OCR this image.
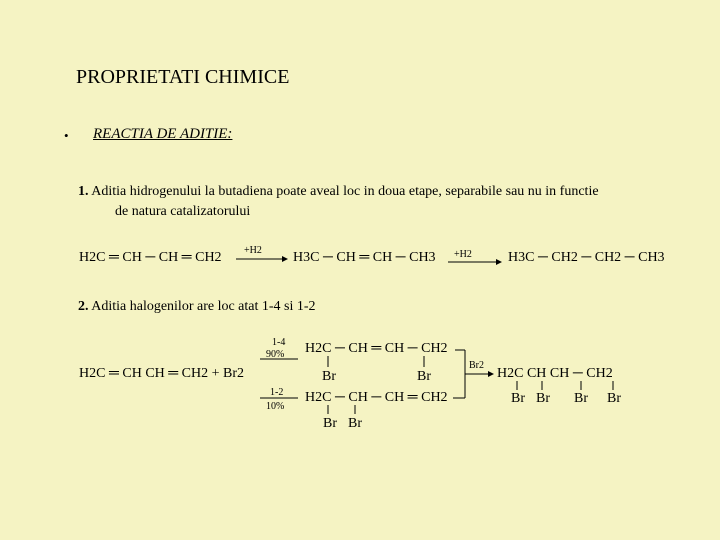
PROPRIETATI CHIMICE
• REACTIA DE ADITIE:
1. Aditia hidrogenului la butadiena poate aveal loc in doua etape, separabile sau nu in functie
de natura catalizatorului
H2C ═ CH ─ CH ═ CH2 +H2 H3C ─ CH ═ CH ─ CH3 +H2	H3C ─ CH2 ─ CH2 ─ CH3
2. Aditia halogenilor are loc atat 1-4 si 1-2
H2C ═ CH CH ═ CH2 + Br2
1-4
90%
1-2
10%
H2C ─ CH ═ CH ─ CH2
Br	Br
H2C ─ CH ─ CH ═ CH2
Br Br
Br2
H2C CH CH ─ CH2
Br Br Br Br
